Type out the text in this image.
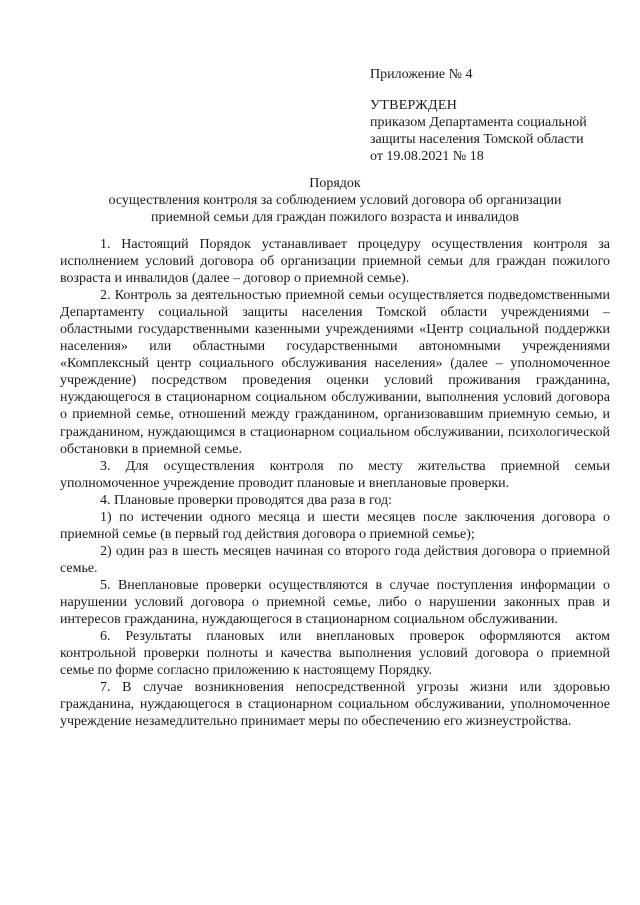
Приложение № 4
УТВЕРЖДЕН
приказом Департамента социальной
защиты населения Томской области
от 19.08.2021 № 18
Порядок
осуществления контроля за соблюдением условий договора об организации
приемной семьи для граждан пожилого возраста и инвалидов

1. Настоящий Порядок устанавливает процедуру осуществления контроля за исполнением условий договора об организации приемной семьи для граждан пожилого возраста и инвалидов (далее – договор о приемной семье).

2. Контроль за деятельностью приемной семьи осуществляется подведомственными Департаменту социальной защиты населения Томской области учреждениями – областными государственными казенными учреждениями «Центр социальной поддержки населения» или областными государственными автономными учреждениями «Комплексный центр социального обслуживания населения» (далее – уполномоченное учреждение) посредством проведения оценки условий проживания гражданина, нуждающегося в стационарном социальном обслуживании, выполнения условий договора о приемной семье, отношений между гражданином, организовавшим приемную семью, и гражданином, нуждающимся в стационарном социальном обслуживании, психологической обстановки в приемной семье.

3. Для осуществления контроля по месту жительства приемной семьи уполномоченное учреждение проводит плановые и внеплановые проверки.

4. Плановые проверки проводятся два раза в год:

1) по истечении одного месяца и шести месяцев после заключения договора о приемной семье (в первый год действия договора о приемной семье);

2) один раз в шесть месяцев начиная со второго года действия договора о приемной семье.

5. Внеплановые проверки осуществляются в случае поступления информации о нарушении условий договора о приемной семье, либо о нарушении законных прав и интересов гражданина, нуждающегося в стационарном социальном обслуживании.

6. Результаты плановых или внеплановых проверок оформляются актом контрольной проверки полноты и качества выполнения условий договора о приемной семье по форме согласно приложению к настоящему Порядку.

7. В случае возникновения непосредственной угрозы жизни или здоровью гражданина, нуждающегося в стационарном социальном обслуживании, уполномоченное учреждение незамедлительно принимает меры по обеспечению его жизнеустройства.
